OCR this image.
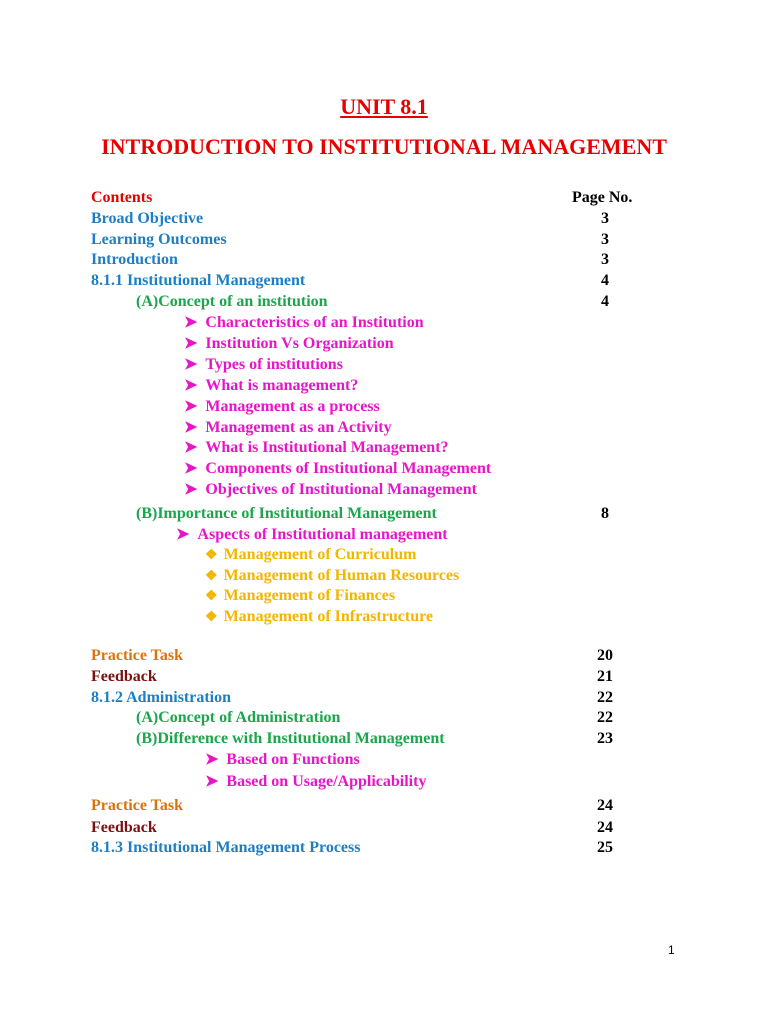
UNIT 8.1
INTRODUCTION TO INSTITUTIONAL MANAGEMENT
Contents	Page No.
Broad Objective	3
Learning Outcomes	3
Introduction	3
8.1.1 Institutional Management	4
(A)Concept of an institution	4
➤ Characteristics of an Institution
➤ Institution Vs Organization
➤ Types of institutions
➤ What is management?
➤ Management as a process
➤ Management as an Activity
➤ What is Institutional Management?
➤ Components of Institutional Management
➤ Objectives of Institutional Management
(B)Importance of Institutional Management	8
➤ Aspects of Institutional management
❖ Management of Curriculum
❖ Management of Human Resources
❖ Management of Finances
❖ Management of Infrastructure
Practice Task	20
Feedback	21
8.1.2 Administration	22
(A)Concept of Administration	22
(B)Difference with Institutional Management	23
➤ Based on Functions
➤ Based on Usage/Applicability
Practice Task	24
Feedback	24
8.1.3 Institutional Management Process	25
1
